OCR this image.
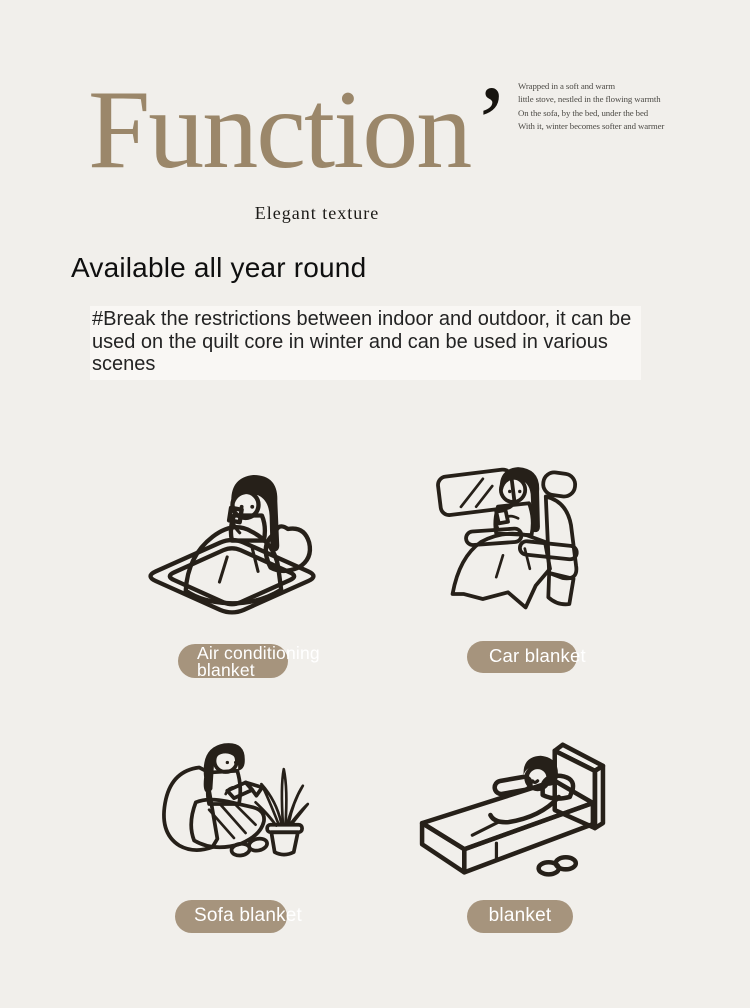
Function’ Wrapped in a soft and warm
little stove, nestled in the flowing warmth
On the sofa, by the bed, under the bed
With it, winter becomes softer and warmer
Elegant texture
Available all year round

#Break the restrictions between indoor and outdoor, it can be used on the quilt core in winter and can be used in various scenes

Air conditioning blanket
Car blanket
Sofa blanket	blanket
